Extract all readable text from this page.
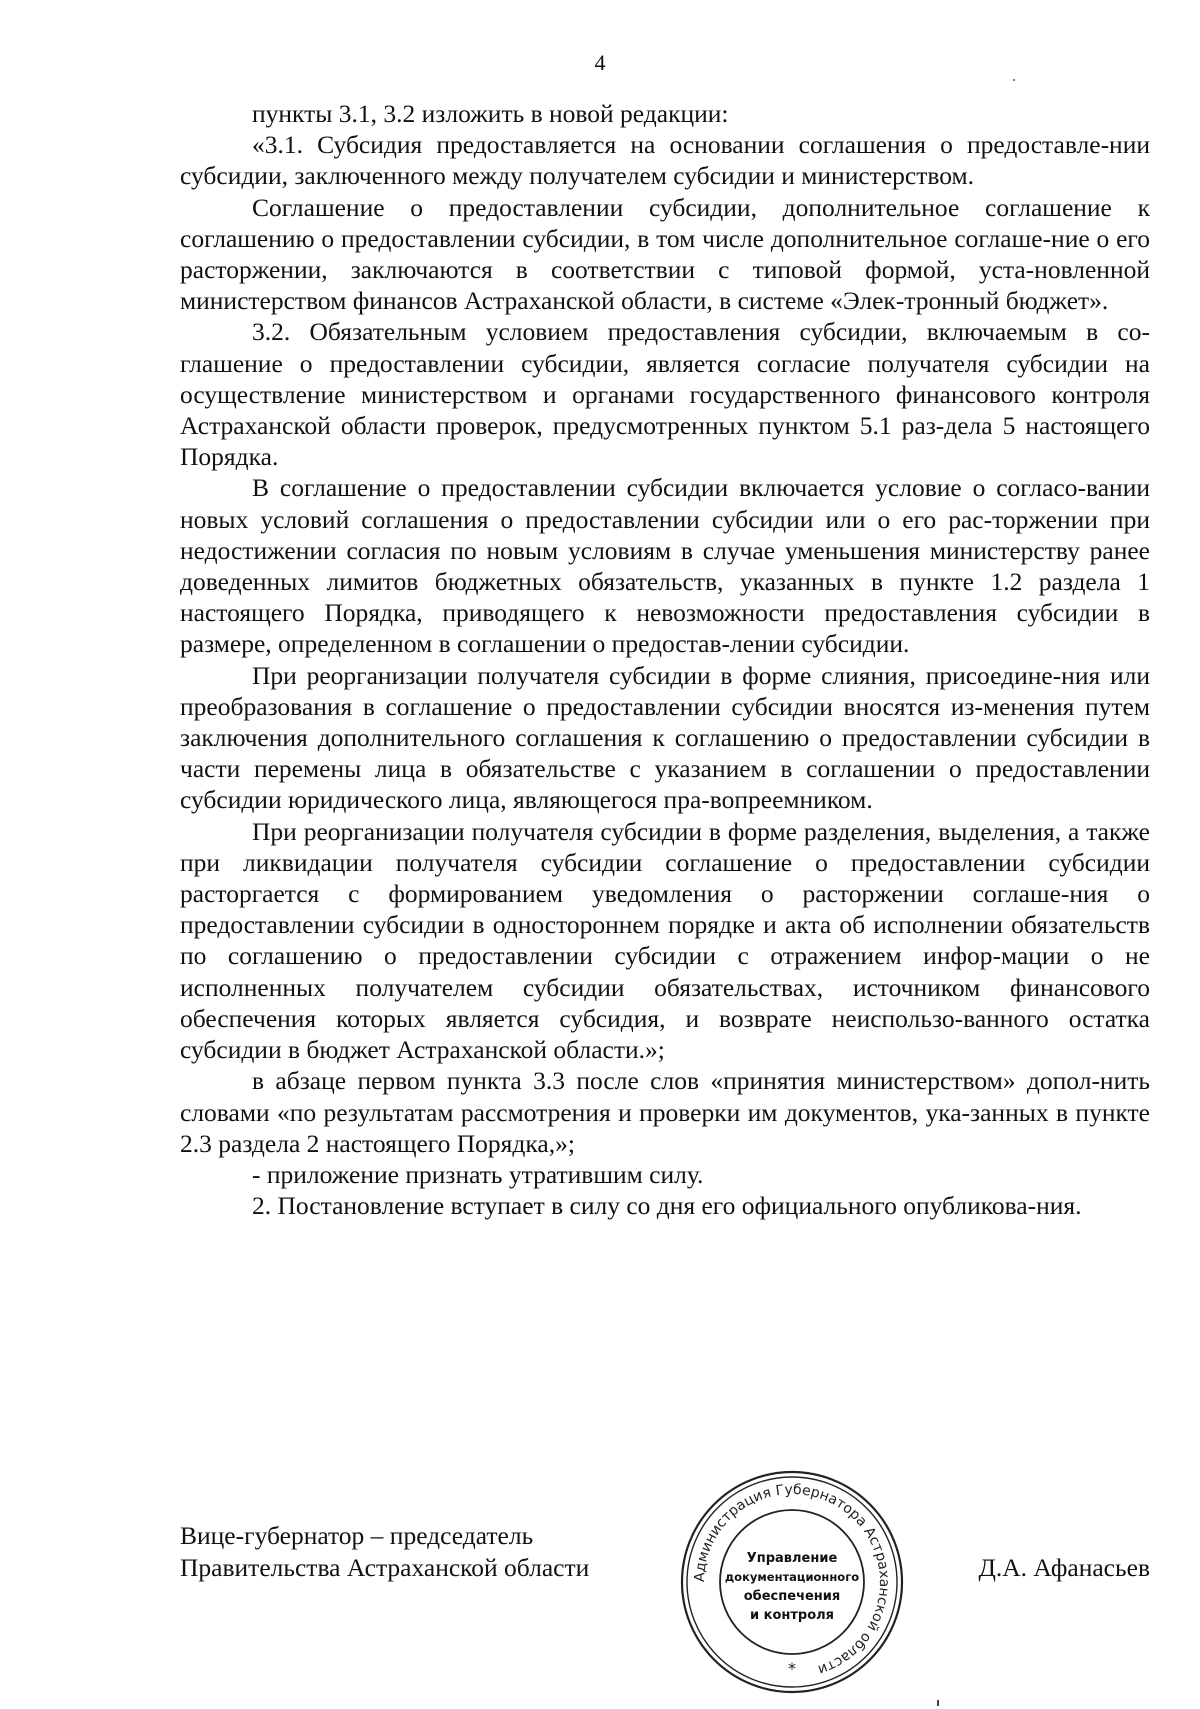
4

пункты 3.1, 3.2 изложить в новой редакции:

«3.1. Субсидия предоставляется на основании соглашения о предоставле-нии субсидии, заключенного между получателем субсидии и министерством.

Соглашение о предоставлении субсидии, дополнительное соглашение к соглашению о предоставлении субсидии, в том числе дополнительное соглаше-ние о его расторжении, заключаются в соответствии с типовой формой, уста-новленной министерством финансов Астраханской области, в системе «Элек-тронный бюджет».

3.2. Обязательным условием предоставления субсидии, включаемым в со-глашение о предоставлении субсидии, является согласие получателя субсидии на осуществление министерством и органами государственного финансового контроля Астраханской области проверок, предусмотренных пунктом 5.1 раз-дела 5 настоящего Порядка.

В соглашение о предоставлении субсидии включается условие о согласо-вании новых условий соглашения о предоставлении субсидии или о его рас-торжении при недостижении согласия по новым условиям в случае уменьшения министерству ранее доведенных лимитов бюджетных обязательств, указанных в пункте 1.2 раздела 1 настоящего Порядка, приводящего к невозможности предоставления субсидии в размере, определенном в соглашении о предостав-лении субсидии.

При реорганизации получателя субсидии в форме слияния, присоедине-ния или преобразования в соглашение о предоставлении субсидии вносятся из-менения путем заключения дополнительного соглашения к соглашению о предоставлении субсидии в части перемены лица в обязательстве с указанием в соглашении о предоставлении субсидии юридического лица, являющегося пра-вопреемником.

При реорганизации получателя субсидии в форме разделения, выделения, а также при ликвидации получателя субсидии соглашение о предоставлении субсидии расторгается с формированием уведомления о расторжении соглаше-ния о предоставлении субсидии в одностороннем порядке и акта об исполнении обязательств по соглашению о предоставлении субсидии с отражением инфор-мации о не исполненных получателем субсидии обязательствах, источником финансового обеспечения которых является субсидия, и возврате неиспользо-ванного остатка субсидии в бюджет Астраханской области.»;

в абзаце первом пункта 3.3 после слов «принятия министерством» допол-нить словами «по результатам рассмотрения и проверки им документов, ука-занных в пункте 2.3 раздела 2 настоящего Порядка,»;

- приложение признать утратившим силу.

2. Постановление вступает в силу со дня его официального опубликова-ния.

Вице-губернатор – председатель
Правительства Астраханской области	Администрация Губернатора Астраханской области
*
Управление
документационного
обеспечения
и контроля
Д.А. Афанасьев
